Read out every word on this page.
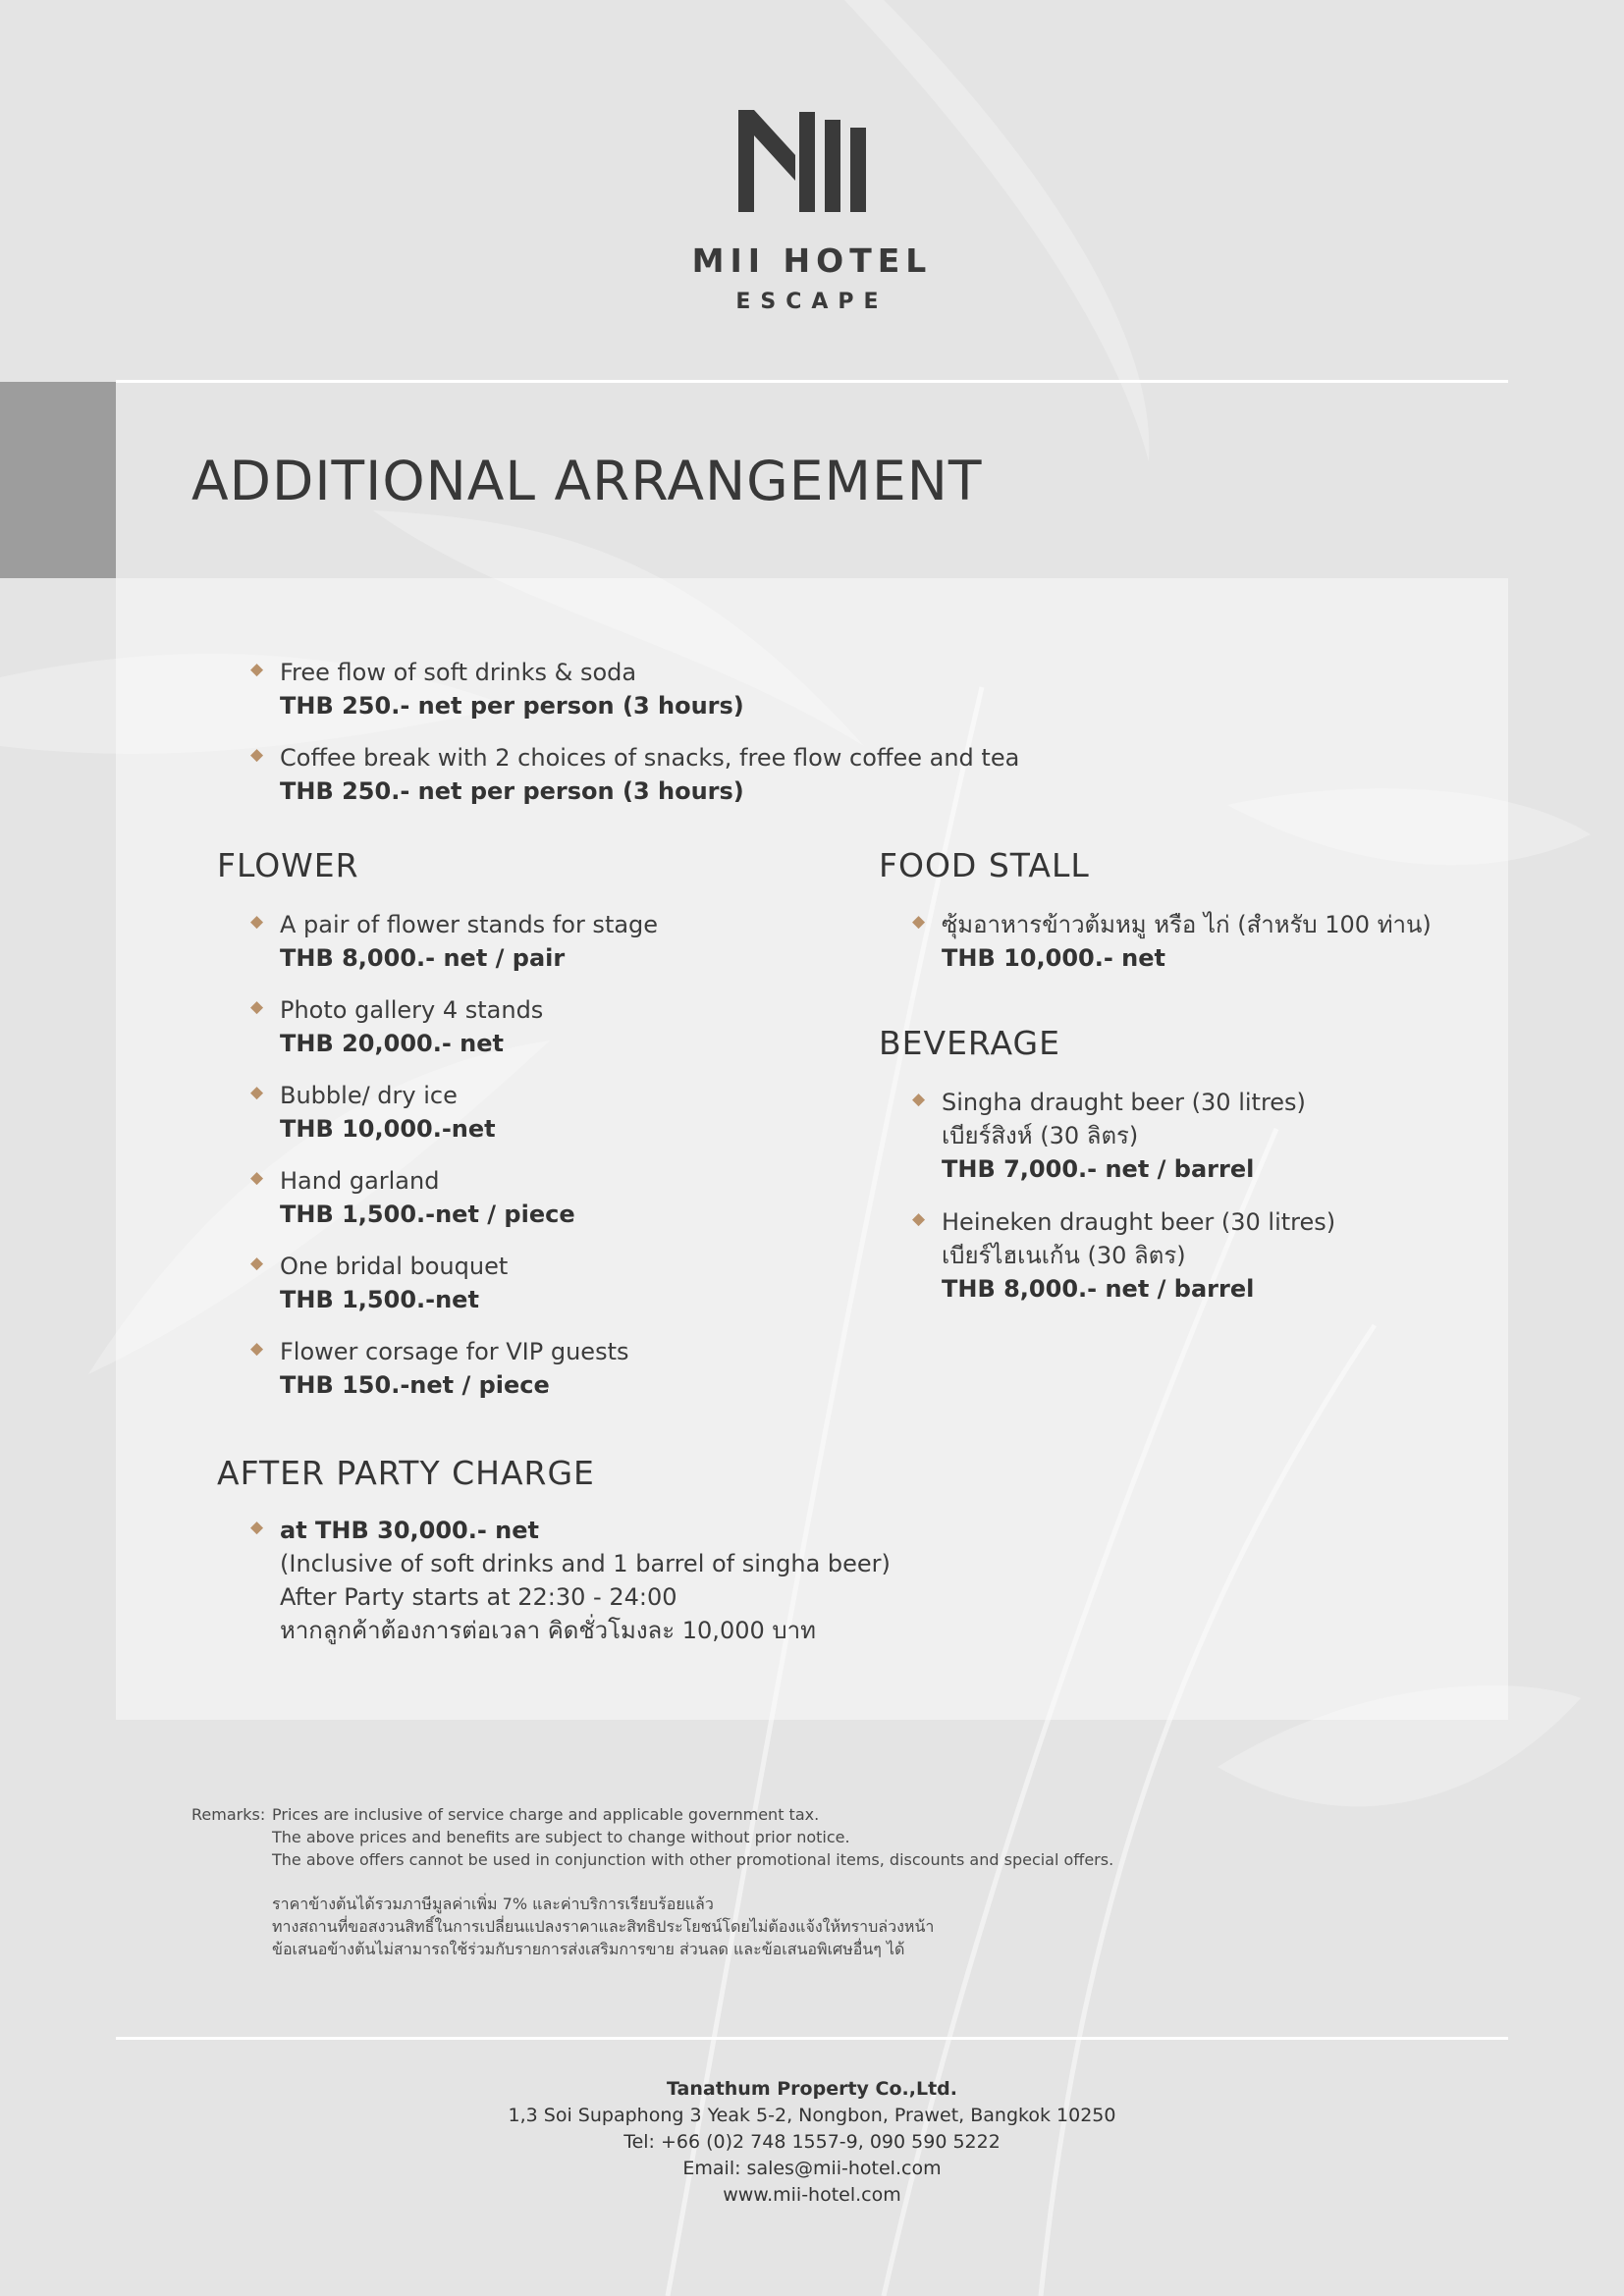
MII HOTEL
ESCAPE
ADDITIONAL ARRANGEMENT
◆ Free flow of soft drinks & soda
THB 250.- net per person (3 hours)
◆ Coffee break with 2 choices of snacks, free flow coffee and tea
THB 250.- net per person (3 hours)
FLOWER
◆ A pair of flower stands for stage
THB 8,000.- net / pair
◆ Photo gallery 4 stands
THB 20,000.- net
◆ Bubble/ dry ice
THB 10,000.-net
◆ Hand garland
THB 1,500.-net / piece
◆ One bridal bouquet
THB 1,500.-net
◆ Flower corsage for VIP guests
THB 150.-net / piece
FOOD STALL
◆ ซุ้มอาหารข้าวต้มหมู หรือ ไก่ (สำหรับ 100 ท่าน)
THB 10,000.- net
BEVERAGE
◆ Singha draught beer (30 litres)
เบียร์สิงห์ (30 ลิตร)
THB 7,000.- net / barrel
◆ Heineken draught beer (30 litres)
เบียร์ไฮเนเก้น (30 ลิตร)
THB 8,000.- net / barrel
AFTER PARTY CHARGE
◆ at THB 30,000.- net
(Inclusive of soft drinks and 1 barrel of singha beer)
After Party starts at 22:30 - 24:00
หากลูกค้าต้องการต่อเวลา คิดชั่วโมงละ 10,000 บาท
Remarks: Prices are inclusive of service charge and applicable government tax.
The above prices and benefits are subject to change without prior notice.
The above offers cannot be used in conjunction with other promotional items, discounts and special offers.
ราคาข้างต้นได้รวมภาษีมูลค่าเพิ่ม 7% และค่าบริการเรียบร้อยแล้ว
ทางสถานที่ขอสงวนสิทธิ์ในการเปลี่ยนแปลงราคาและสิทธิประโยชน์โดยไม่ต้องแจ้งให้ทราบล่วงหน้า
ข้อเสนอข้างต้นไม่สามารถใช้ร่วมกับรายการส่งเสริมการขาย ส่วนลด และข้อเสนอพิเศษอื่นๆ ได้
Tanathum Property Co.,Ltd.
1,3 Soi Supaphong 3 Yeak 5-2, Nongbon, Prawet, Bangkok 10250
Tel: +66 (0)2 748 1557-9, 090 590 5222
Email: sales@mii-hotel.com
www.mii-hotel.com
